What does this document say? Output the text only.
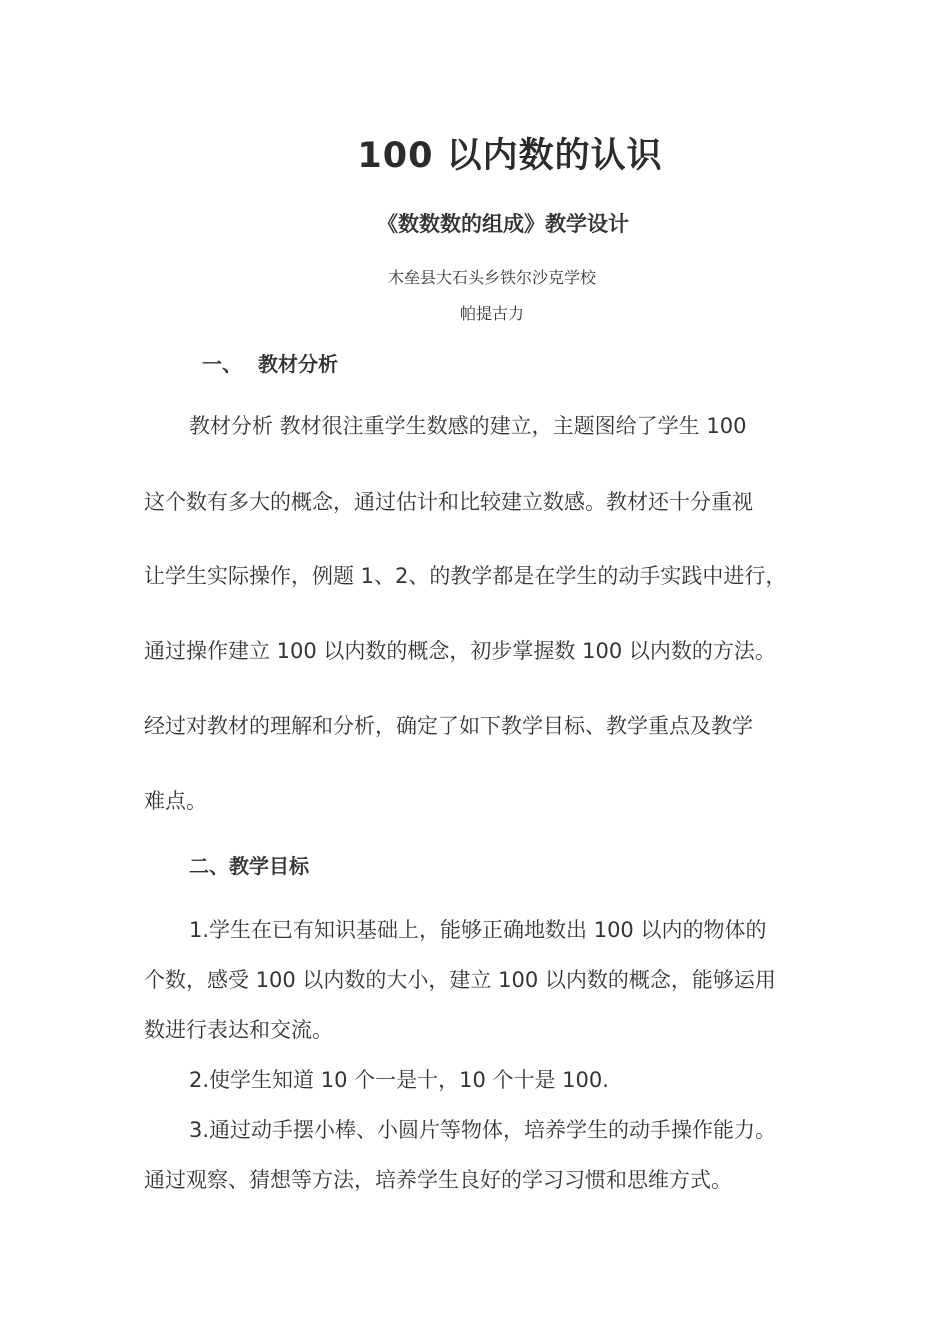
100 以内数的认识
《数数数的组成》教学设计
木垒县大石头乡铁尔沙克学校
帕提古力
一、 教材分析
教材分析 教材很注重学生数感的建立，主题图给了学生 100
这个数有多大的概念，通过估计和比较建立数感。教材还十分重视
让学生实际操作，例题 1、2、的教学都是在学生的动手实践中进行，
通过操作建立 100 以内数的概念，初步掌握数 100 以内数的方法。
经过对教材的理解和分析，确定了如下教学目标、教学重点及教学
难点。
二、教学目标
1.学生在已有知识基础上，能够正确地数出 100 以内的物体的
个数，感受 100 以内数的大小，建立 100 以内数的概念，能够运用
数进行表达和交流。
2.使学生知道 10 个一是十，10 个十是 100.
3.通过动手摆小棒、小圆片等物体，培养学生的动手操作能力。
通过观察、猜想等方法，培养学生良好的学习习惯和思维方式。
